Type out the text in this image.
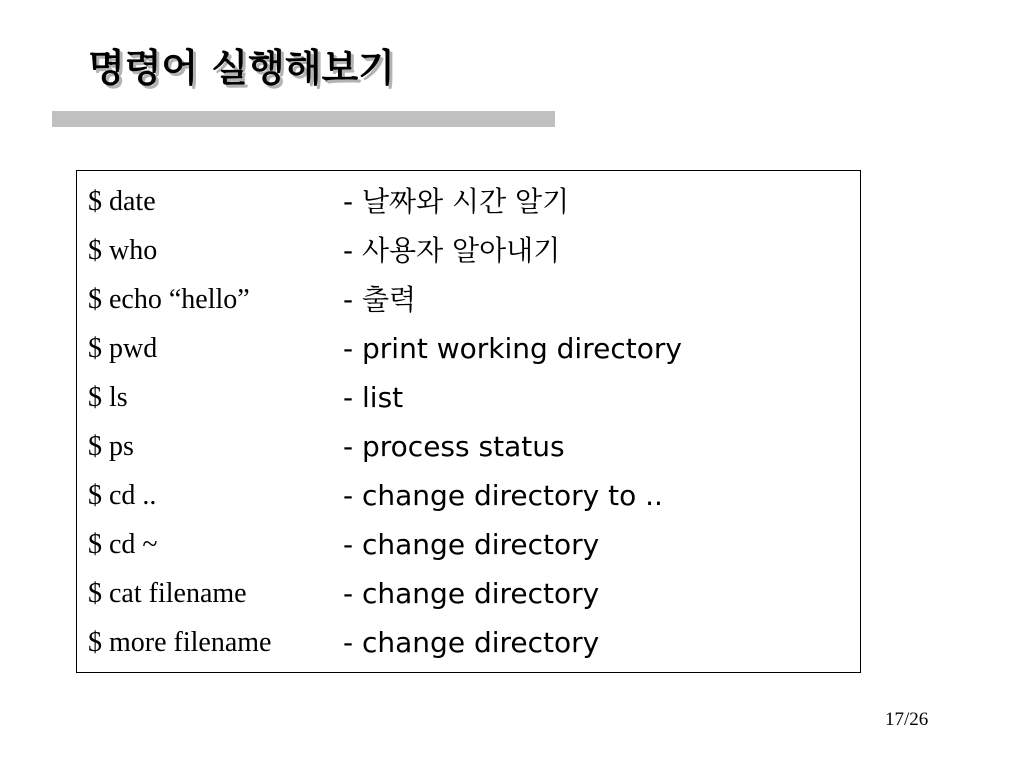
명령어 실행해보기
$ date	- 날짜와 시간 알기
$ who	- 사용자 알아내기
$ echo “hello”	- 출력
$ pwd	- print working directory
$ ls	- list
$ ps	- process status
$ cd ..	- change directory to ..
$ cd ~	- change directory
$ cat filename	- change directory
$ more filename	- change directory
17/26
